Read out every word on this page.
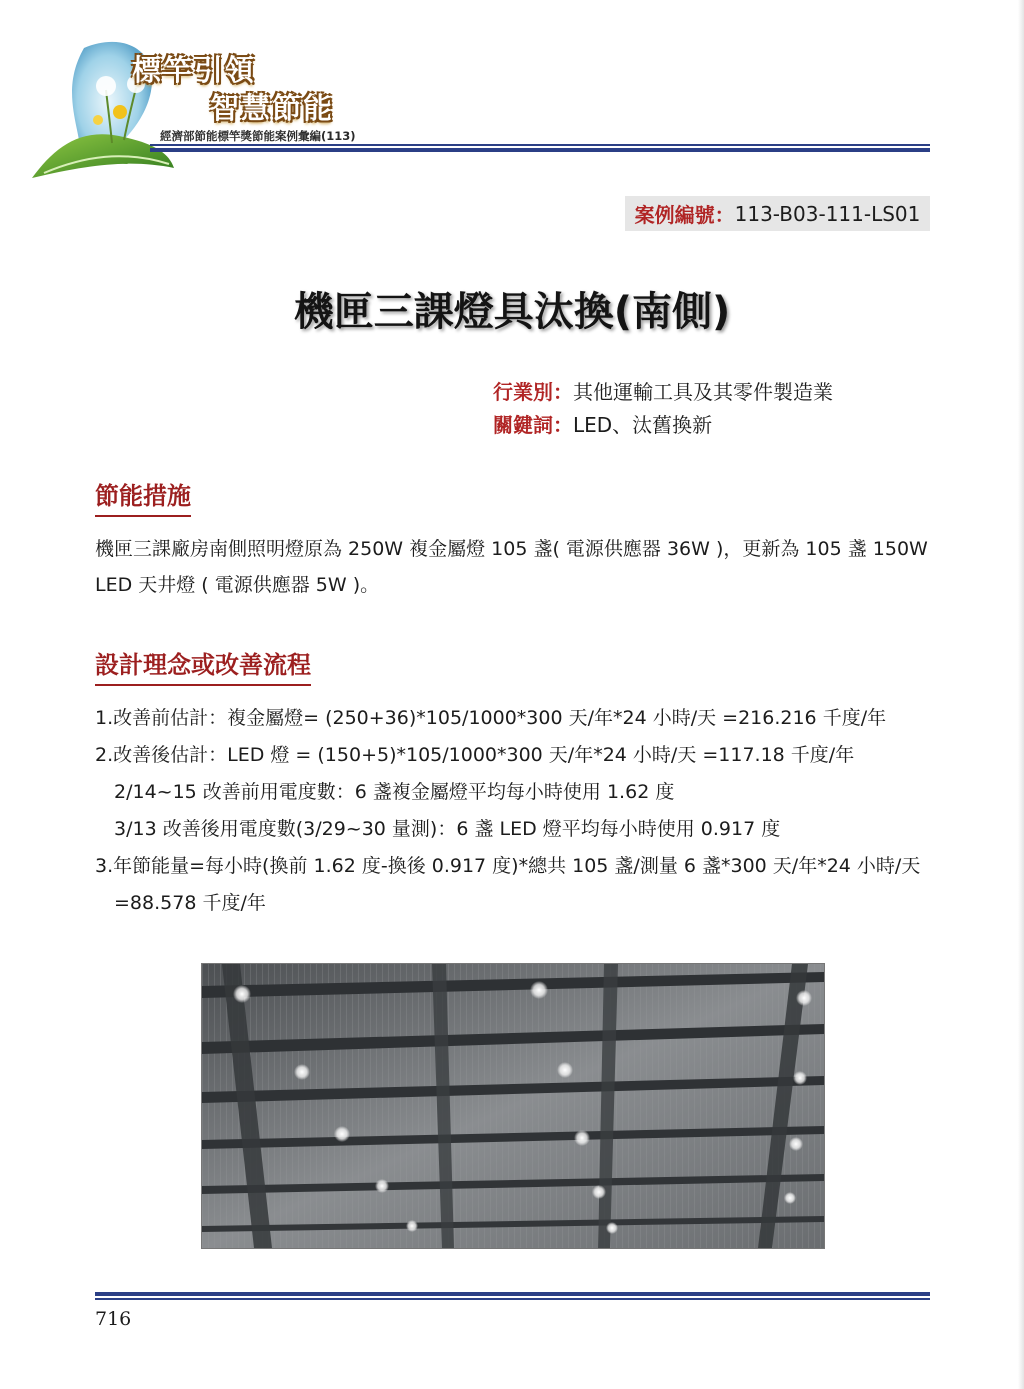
標竿引領
智慧節能
經濟部節能標竿獎節能案例彙編(113)
案例編號： 113-B03-111-LS01
機匣三課燈具汰換(南側)
行業別：其他運輸工具及其零件製造業
關鍵詞：LED、汰舊換新
節能措施

機匣三課廠房南側照明燈原為 250W 複金屬燈 105 盞( 電源供應器 36W )，更新為 105 盞 150W LED 天井燈 ( 電源供應器 5W )。

設計理念或改善流程
1.改善前估計：複金屬燈= (250+36)*105/1000*300 天/年*24 小時/天 =216.216 千度/年
2.改善後估計：LED 燈 = (150+5)*105/1000*300 天/年*24 小時/天 =117.18 千度/年
2/14~15 改善前用電度數：6 盞複金屬燈平均每小時使用 1.62 度
3/13 改善後用電度數(3/29~30 量測)：6 盞 LED 燈平均每小時使用 0.917 度
3.年節能量=每小時(換前 1.62 度-換後 0.917 度)*總共 105 盞/測量 6 盞*300 天/年*24 小時/天=88.578 千度/年
716
